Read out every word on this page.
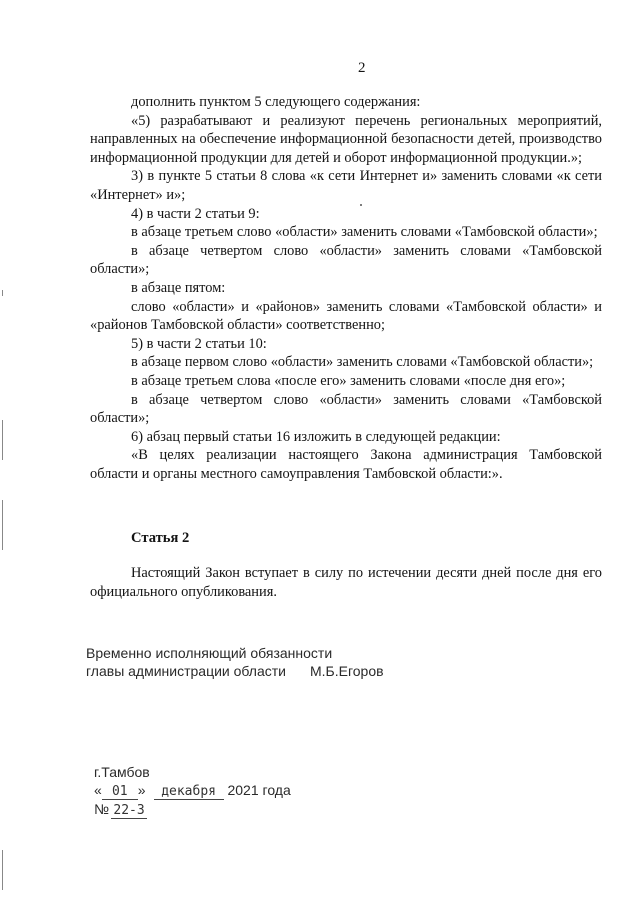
2

дополнить пунктом 5 следующего содержания:

«5) разрабатывают и реализуют перечень региональных мероприятий, направленных на обеспечение информационной безопасности детей, производство информационной продукции для детей и оборот информационной продукции.»;

3) в пункте 5 статьи 8 слова «к сети Интернет и» заменить словами «к сети «Интернет» и»;

4) в части 2 статьи 9:

в абзаце третьем слово «области» заменить словами «Тамбовской области»;

в абзаце четвертом слово «области» заменить словами «Тамбовской области»;

в абзаце пятом:

слово «области» и «районов» заменить словами «Тамбовской области» и «районов Тамбовской области» соответственно;

5) в части 2 статьи 10:

в абзаце первом слово «области» заменить словами «Тамбовской области»;

в абзаце третьем слова «после его» заменить словами «после дня его»;

в абзаце четвертом слово «области» заменить словами «Тамбовской области»;

6) абзац первый статьи 16 изложить в следующей редакции:

«В целях реализации настоящего Закона администрация Тамбовской области и органы местного самоуправления Тамбовской области:».

Статья 2
Настоящий Закон вступает в силу по истечении десяти дней после дня его официального опубликования.
Временно исполняющий обязанности
главы администрации области М.Б.Егоров
г.Тамбов
« 01 » декабря 2021 года
№ 22-З
